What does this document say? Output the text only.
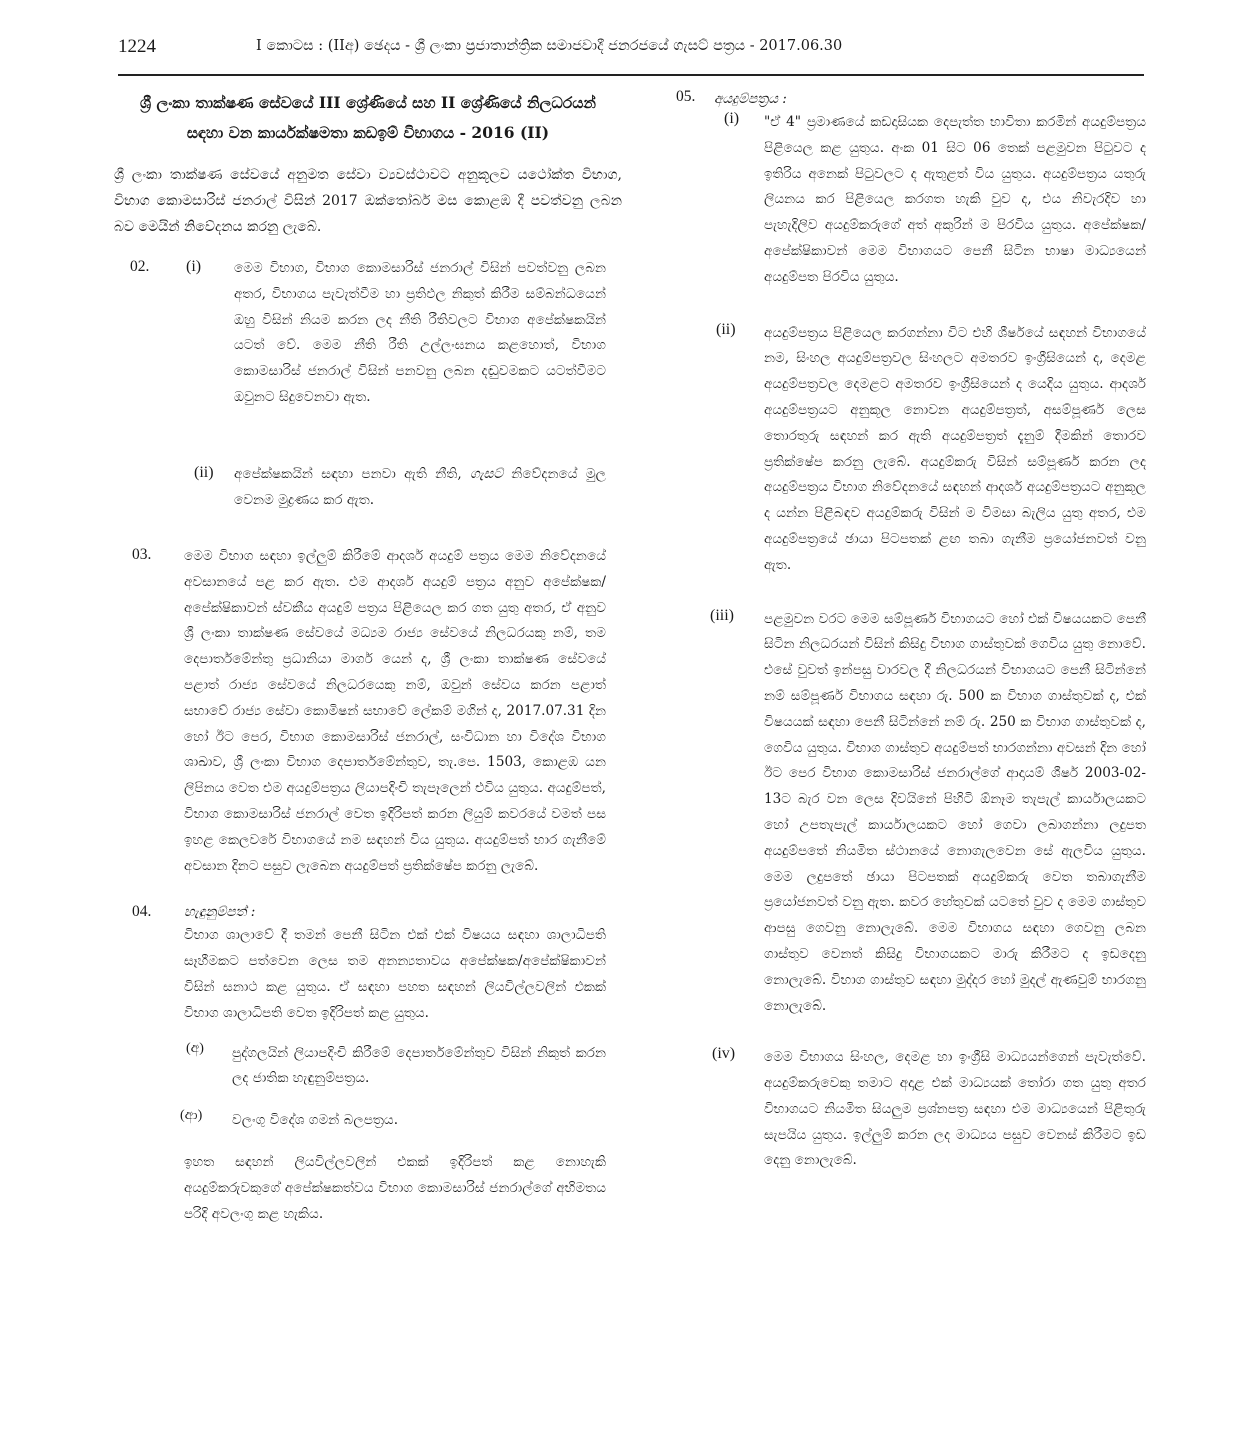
1224	I කොටස : (IIඅ) ඡෙදය - ශ්‍රී ලංකා ප්‍රජාතාන්ත්‍රික සමාජවාදී ජනරජයේ ගැසට් පත්‍රය - 2017.06.30
ශ්‍රී ලංකා තාක්ෂණ සේවයේ III ශ්‍රේණියේ සහ II ශ්‍රේණියේ නිලධරයන් සඳහා වන කාර්යක්ෂමතා කඩඉම් විභාගය - 2016 (II)

ශ්‍රී ලංකා තාක්ෂණ සේවයේ අනුමත සේවා ව්‍යවස්ථාවට අනුකූලව යථෝක්ත විභාග, විභාග කොමසාරිස් ජනරාල් විසින් 2017 ඔක්තෝබර් මස කොළඹ දී පවත්වනු ලබන බව මෙයින් නිවේදනය කරනු ලැබේ.

02. (i) මෙම විභාග, විභාග කොමසාරිස් ජනරාල් විසින් පවත්වනු ලබන අතර, විභාගය පැවැත්වීම හා ප්‍රතිඵල නිකුත් කිරීම සම්බන්ධයෙන් ඔහු විසින් නියම කරන ලද නීති රීතිවලට විභාග අපේක්ෂකයින් යටත් වේ. මෙම නීති රීති උල්ලංඝනය කළහොත්, විභාග කොමසාරිස් ජනරාල් විසින් පනවනු ලබන දඬුවමකට යටත්වීමට ඔවුනට සිදුවෙනවා ඇත.

(ii) අපේක්ෂකයින් සඳහා පනවා ඇති නීති, ගැසට් නිවේදනයේ මුල වෙනම මුද්‍රණය කර ඇත.

03. මෙම විභාග සඳහා ඉල්ලුම් කිරීමේ ආදර්ශ අයදුම් පත්‍රය මෙම නිවේදනයේ අවසානයේ පළ කර ඇත. එම ආදර්ශ අයදුම් පත්‍රය අනුව අපේක්ෂක/අපේක්ෂිකාවන් ස්වකීය අයදුම් පත්‍රය පිළියෙල කර ගත යුතු අතර, ඒ අනුව ශ්‍රී ලංකා තාක්ෂණ සේවයේ මධ්‍යම රාජ්‍ය සේවයේ නිලධරයකු නම්, තම දෙපාර්තමේන්තු ප්‍රධානියා මාර්ග යෙන් ද, ශ්‍රී ලංකා තාක්ෂණ සේවයේ පළාත් රාජ්‍ය සේවයේ නිලධරයෙකු නම්, ඔවුන් සේවය කරන පළාත් සභාවේ රාජ්‍ය සේවා කොමිෂන් සභාවේ ලේකම් මගින් ද, 2017.07.31 දින හෝ ඊට පෙර, විභාග කොමසාරිස් ජනරාල්, සංවිධාන හා විදේශ විභාග ශාඛාව, ශ්‍රී ලංකා විභාග දෙපාර්තමේන්තුව, තැ.පෙ. 1503, කොළඹ යන ලිපිනය වෙත එම අයදුම්පත්‍රය ලියාපදිංචි තැපෑලෙන් එවිය යුතුය. අයදුම්පත්, විභාග කොමසාරිස් ජනරාල් වෙත ඉදිරිපත් කරන ලියුම් කවරයේ වමත් පස ඉහළ කෙලවරේ විභාගයේ නම සඳහන් විය යුතුය. අයදුම්පත් භාර ගැනීමේ අවසාන දිනට පසුව ලැබෙන අයදුම්පත් ප්‍රතික්ෂේප කරනු ලැබේ.

04. හැඳුනුම්පත් :

විභාග ශාලාවේ දී තමන් පෙනී සිටින එක් එක් විෂයය සඳහා ශාලාධිපති සෑහීමකට පත්වෙන ලෙස තම අනන්‍යතාවය අපේක්ෂක/අපේක්ෂිකාවන් විසින් සනාථ කළ යුතුය. ඒ සඳහා පහත සඳහන් ලියවිල්ලවලින් එකක් විභාග ශාලාධිපති වෙත ඉදිරිපත් කළ යුතුය.

(අ) පුද්ගලයින් ලියාපදිංචි කිරීමේ දෙපාර්තමේන්තුව විසින් නිකුත් කරන ලද ජාතික හැඳුනුම්පත්‍රය.

(ආ) වලංගු විදේශ ගමන් බලපත්‍රය.

ඉහත සඳහන් ලියවිල්ලවලින් එකක් ඉදිරිපත් කළ නොහැකි අයදුම්කරුවකුගේ අපේක්ෂකත්වය විභාග කොමසාරිස් ජනරාල්ගේ අභිමතය පරිදි අවලංගු කළ හැකිය.

05. අයදුම්පත්‍රය :

(i) "ඒ 4" ප්‍රමාණයේ කඩදාසියක දෙපැත්ත භාවිතා කරමින් අයදුම්පත්‍රය පිළියෙල කළ යුතුය. අංක 01 සිට 06 තෙක් පළමුවන පිටුවට ද ඉතිරිය අනෙක් පිටුවලට ද ඇතුළත් විය යුතුය. අයදුම්පත්‍රය යතුරු ලියනය කර පිළියෙල කරගත හැකි වුව ද, එය නිවැරදිව හා පැහැදිලිව අයදුම්කරුගේ අත් අකුරින් ම පිරවිය යුතුය. අපේක්ෂක/අපේක්ෂිකාවන් මෙම විභාගයට පෙනී සිටින භාෂා මාධ්‍යයෙන් අයදුම්පත පිරවිය යුතුය.

(ii) අයදුම්පත්‍රය පිළියෙල කරගන්නා විට එහි ශීර්ෂයේ සඳහන් විභාගයේ නම, සිංහල අයදුම්පත්‍රවල සිංහලට අමතරව ඉංග්‍රීසියෙන් ද, දෙමළ අයදුම්පත්‍රවල දෙමළට අමතරව ඉංග්‍රීසියෙන් ද යෙදිය යුතුය. ආදර්ශ අයදුම්පත්‍රයට අනුකූල නොවන අයදුම්පත්‍රත්, අසම්පූර්ණ ලෙස තොරතුරු සඳහන් කර ඇති අයදුම්පත්‍රත් දැනුම් දීමකින් තොරව ප්‍රතික්ෂේප කරනු ලැබේ. අයදුම්කරු විසින් සම්පූර්ණ කරන ලද අයදුම්පත්‍රය විභාග නිවේදනයේ සඳහන් ආදර්ශ අයදුම්පත්‍රයට අනුකූල ද යන්න පිළිබඳව අයදුම්කරු විසින් ම විමසා බැලිය යුතු අතර, එම අයදුම්පත්‍රයේ ඡායා පිටපතක් ළඟ තබා ගැනීම ප්‍රයෝජනවත් වනු ඇත.

(iii) පළමුවන වරට මෙම සම්පූර්ණ විභාගයට හෝ එක් විෂයයකට පෙනී සිටින නිලධරයන් විසින් කිසිදු විභාග ගාස්තුවක් ගෙවිය යුතු නොවේ. එසේ වුවත් ඉන්පසු වාරවල දී නිලධරයන් විභාගයට පෙනී සිටින්නේ නම් සම්පූර්ණ විභාගය සඳහා රු. 500 ක විභාග ගාස්තුවක් ද, එක් විෂයයක් සඳහා පෙනී සිටින්නේ නම් රු. 250 ක විභාග ගාස්තුවක් ද, ගෙවිය යුතුය. විභාග ගාස්තුව අයදුම්පත් භාරගන්නා අවසන් දින හෝ ඊට පෙර විභාග කොමසාරිස් ජනරාල්ගේ ආදායම් ශීර්ෂ 2003-02-13ට බැර වන ලෙස දිවයිනේ පිහිටි ඕනෑම තැපැල් කාර්යාලයකට හෝ උපතැපැල් කාර්යාලයකට හෝ ගෙවා ලබාගන්නා ලදුපත අයදුම්පතේ නියමිත ස්ථානයේ නොගැලවෙන සේ ඇලවිය යුතුය. මෙම ලදුපතේ ඡායා පිටපතක් අයදුම්කරු වෙත තබාගැනීම ප්‍රයෝජනවත් වනු ඇත. කවර හේතුවක් යටතේ වුව ද මෙම ගාස්තුව ආපසු ගෙවනු නොලැබේ. මෙම විභාගය සඳහා ගෙවනු ලබන ගාස්තුව වෙනත් කිසිදු විභාගයකට මාරු කිරීමට ද ඉඩදෙනු නොලැබේ. විභාග ගාස්තුව සඳහා මුද්දර හෝ මුදල් ඇණවුම් භාරගනු නොලැබේ.

(iv) මෙම විභාගය සිංහල, දෙමළ හා ඉංග්‍රීසි මාධ්‍යයන්ගෙන් පැවැත්වේ. අයදුම්කරුවෙකු තමාට අදාළ එක් මාධ්‍යයක් තෝරා ගත යුතු අතර විභාගයට නියමිත සියලුම ප්‍රශ්නපත්‍ර සඳහා එම මාධ්‍යයෙන් පිළිතුරු සැපයිය යුතුය. ඉල්ලුම් කරන ලද මාධ්‍යය පසුව වෙනස් කිරීමට ඉඩ දෙනු නොලැබේ.
